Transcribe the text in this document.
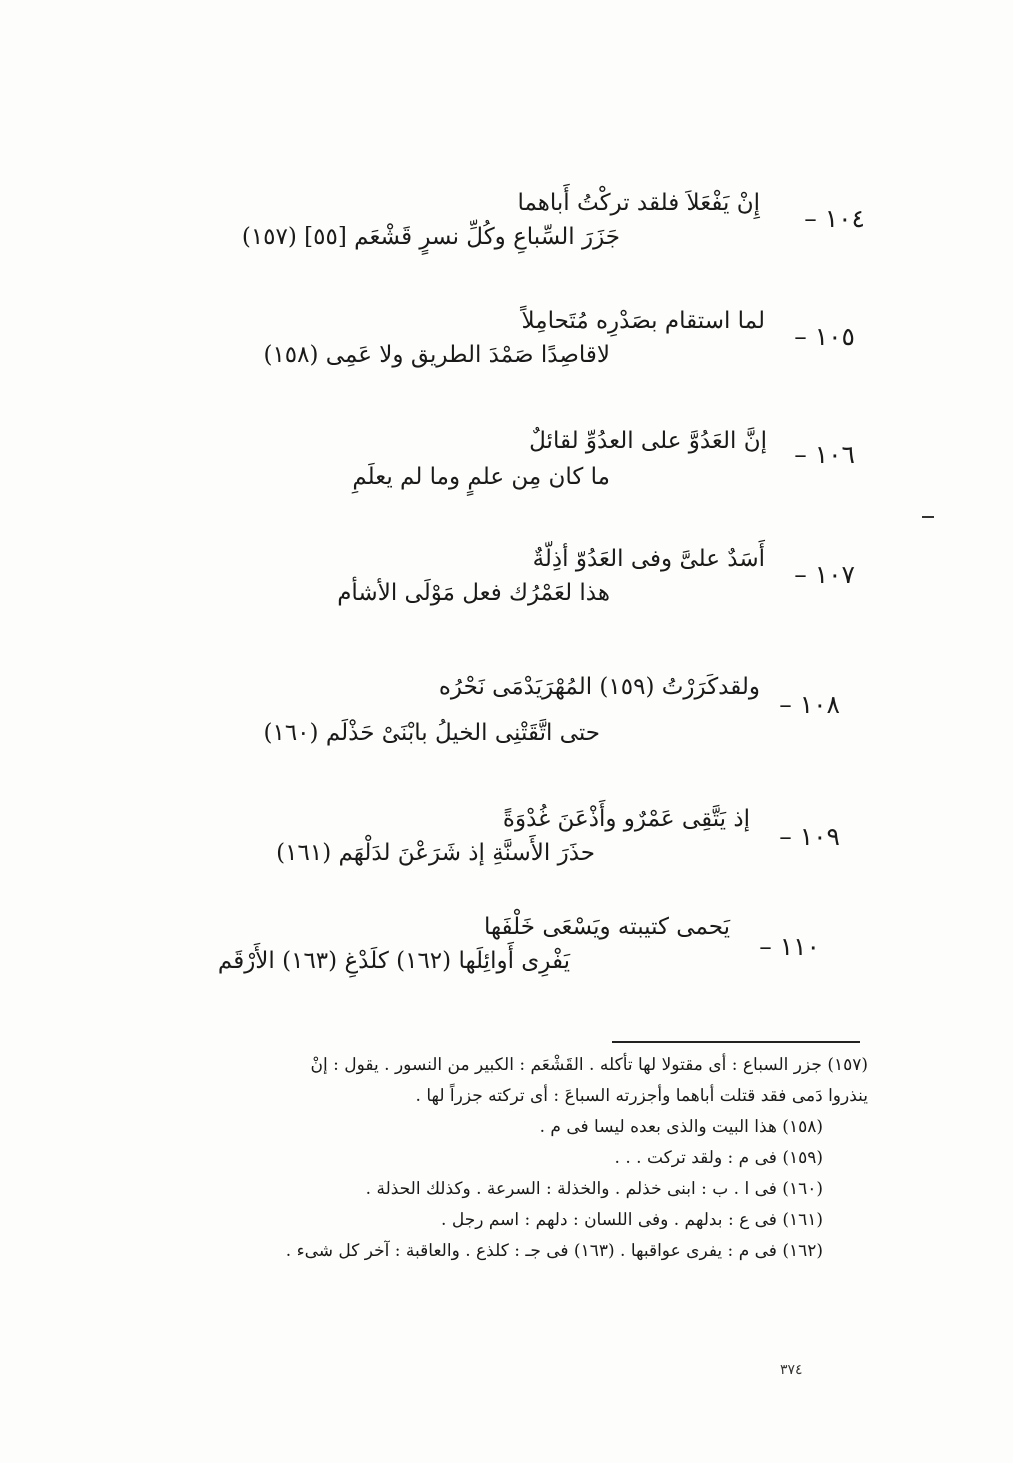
١٠٤ –
إِنْ يَفْعَلاَ فلقد تركْتُ أَباهما
جَزَرَ السِّباعِ وكُلِّ نسرٍ قَشْعَم [٥٥] (١٥٧)
١٠٥ –
لما استقام بصَدْرِه مُتَحامِلاً
لاقاصِدًا صَمْدَ الطريق ولا عَمِى (١٥٨)
١٠٦ –
إنَّ العَدُوَّ على العدُوِّ لقائلٌ
ما كان مِن علمٍ وما لم يعلَمِ
١٠٧ –
أَسَدٌ علىَّ وفى العَدُوّ أذِلّةٌ
هذا لعَمْرُك فعل مَوْلَى الأشأم
١٠٨ –
ولقدكَرَرْتُ (١٥٩) المُهْرَيَدْمَى نَحْرُه
حتى اتَّقَتْنِى الخيلُ بابْنَىْ حَذْلَم (١٦٠)
١٠٩ –
إذ يَتَّقِى عَمْرٌو وأَذْعَنَ غُدْوَةً
حذَرَ الأَسنَّةِ إذ شَرَعْنَ لدَلْهَم (١٦١)
١١٠ –
يَحمى كتيبته ويَسْعَى خَلْفَها
يَفْرِى أَوائِلَها (١٦٢) كلَدْغِ (١٦٣) الأَرْقَم

(١٥٧) جزر السباع : أى مقتولا لها تأكله . القَشْعَم : الكبير من النسور . يقول : إنْ

ينذروا دَمى فقد قتلت أباهما وأجزرته السباعَ : أى تركته جزراً لها .

(١٥٨) هذا البيت والذى بعده ليسا فى م .

(١٥٩) فى م : ولقد تركت . . .

(١٦٠) فى ا . ب : ابنى خذلم . والخذلة : السرعة . وكذلك الحذلة .

(١٦١) فى ع : بدلهم . وفى اللسان : دلهم : اسم رجل .

(١٦٢) فى م : يفرى عواقبها . (١٦٣) فى جـ : كلذع . والعاقبة : آخر كل شىء .

٣٧٤
